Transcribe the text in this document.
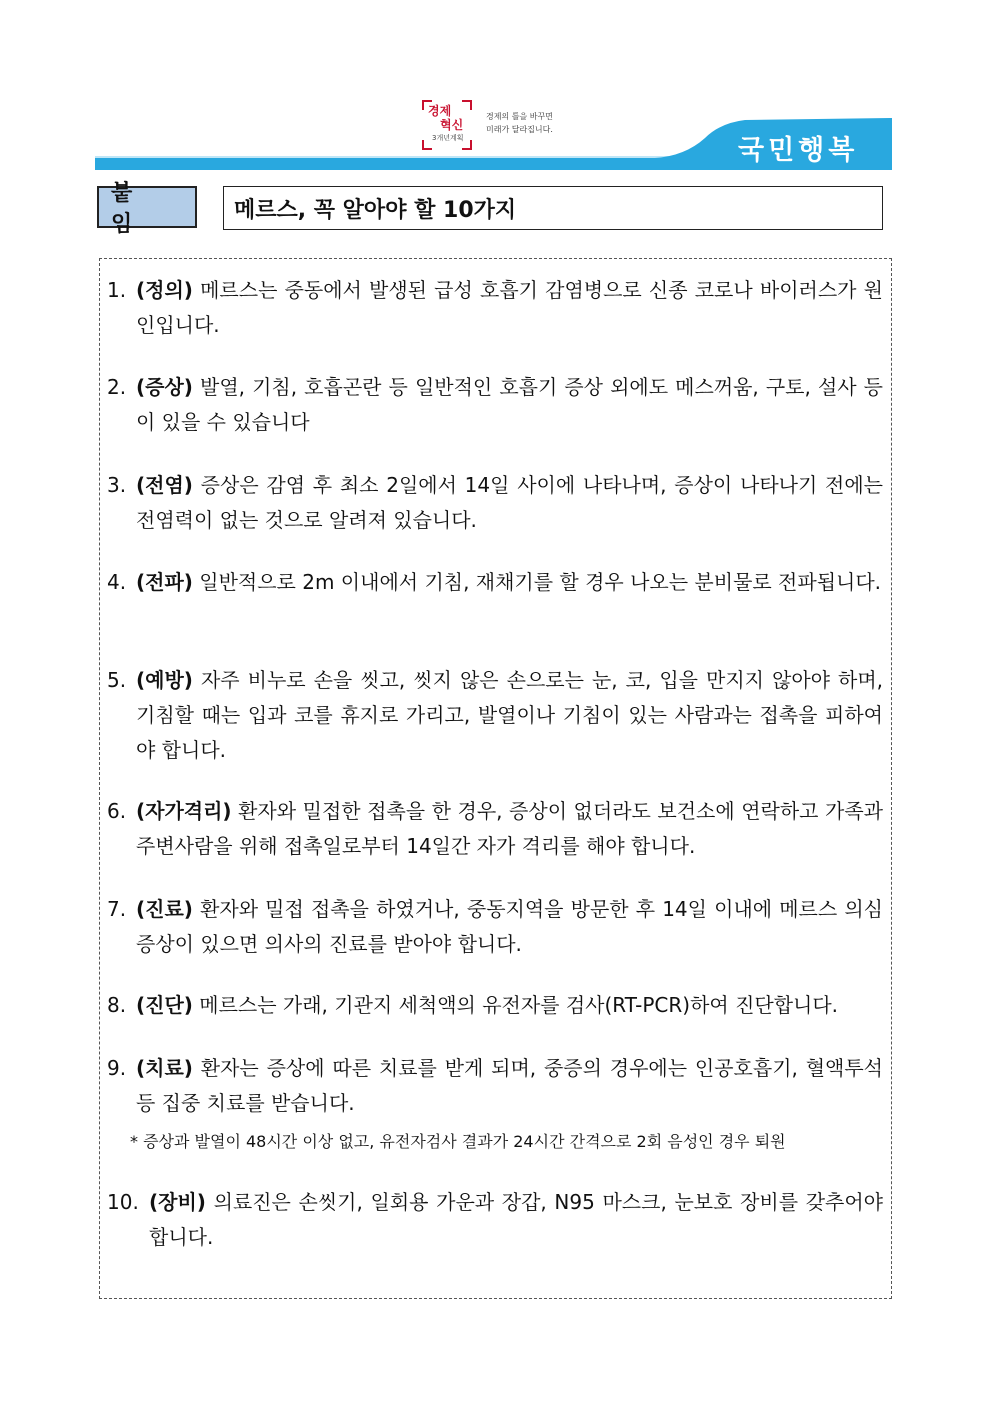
경제
혁신
3개년계획
경제의 틀을 바꾸면
미래가 달라집니다.
국민행복
붙 임
메르스, 꼭 알아야 할 10가지
1. (정의) 메르스는 중동에서 발생된 급성 호흡기 감염병으로 신종 코로나 바이러스가 원인입니다.
2. (증상) 발열, 기침, 호흡곤란 등 일반적인 호흡기 증상 외에도 메스꺼움, 구토, 설사 등이 있을 수 있습니다
3. (전염) 증상은 감염 후 최소 2일에서 14일 사이에 나타나며, 증상이 나타나기 전에는 전염력이 없는 것으로 알려져 있습니다.
4. (전파) 일반적으로 2m 이내에서 기침, 재채기를 할 경우 나오는 분비물로 전파됩니다.
5. (예방) 자주 비누로 손을 씻고, 씻지 않은 손으로는 눈, 코, 입을 만지지 않아야 하며, 기침할 때는 입과 코를 휴지로 가리고, 발열이나 기침이 있는 사람과는 접촉을 피하여야 합니다.
6. (자가격리) 환자와 밀접한 접촉을 한 경우, 증상이 없더라도 보건소에 연락하고 가족과 주변사람을 위해 접촉일로부터 14일간 자가 격리를 해야 합니다.
7. (진료) 환자와 밀접 접촉을 하였거나, 중동지역을 방문한 후 14일 이내에 메르스 의심 증상이 있으면 의사의 진료를 받아야 합니다.
8. (진단) 메르스는 가래, 기관지 세척액의 유전자를 검사(RT-PCR)하여 진단합니다.
9. (치료) 환자는 증상에 따른 치료를 받게 되며, 중증의 경우에는 인공호흡기, 혈액투석 등 집중 치료를 받습니다.
* 증상과 발열이 48시간 이상 없고, 유전자검사 결과가 24시간 간격으로 2회 음성인 경우 퇴원
10. (장비) 의료진은 손씻기, 일회용 가운과 장갑, N95 마스크, 눈보호 장비를 갖추어야 합니다.
